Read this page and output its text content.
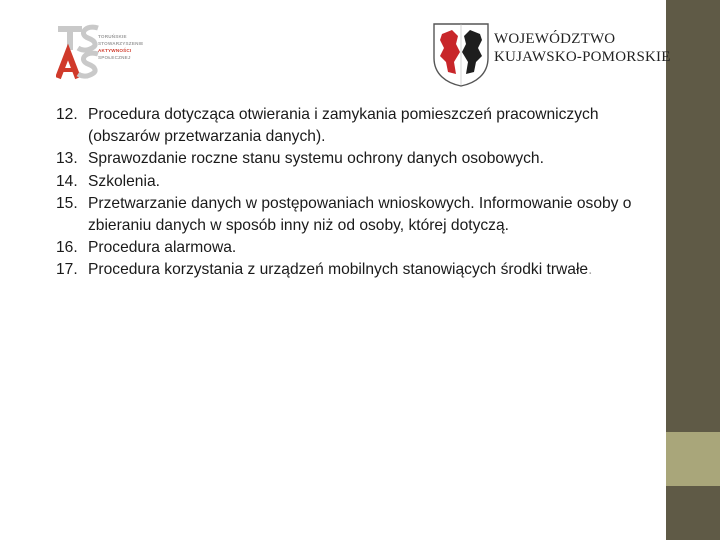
TORUŃSKIE
STOWARZYSZENIE
AKTYWNOŚCI
SPOŁECZNEJ
WOJEWÓDZTWO
KUJAWSKO-POMORSKIE
12. Procedura dotycząca otwierania i zamykania pomieszczeń pracowniczych (obszarów przetwarzania danych).
13. Sprawozdanie roczne stanu systemu ochrony danych osobowych.
14. Szkolenia.
15. Przetwarzanie danych w postępowaniach wnioskowych. Informowanie osoby o zbieraniu danych w sposób inny niż od osoby, której dotyczą.
16. Procedura alarmowa.
17. Procedura korzystania z urządzeń mobilnych stanowiących środki trwałe.
